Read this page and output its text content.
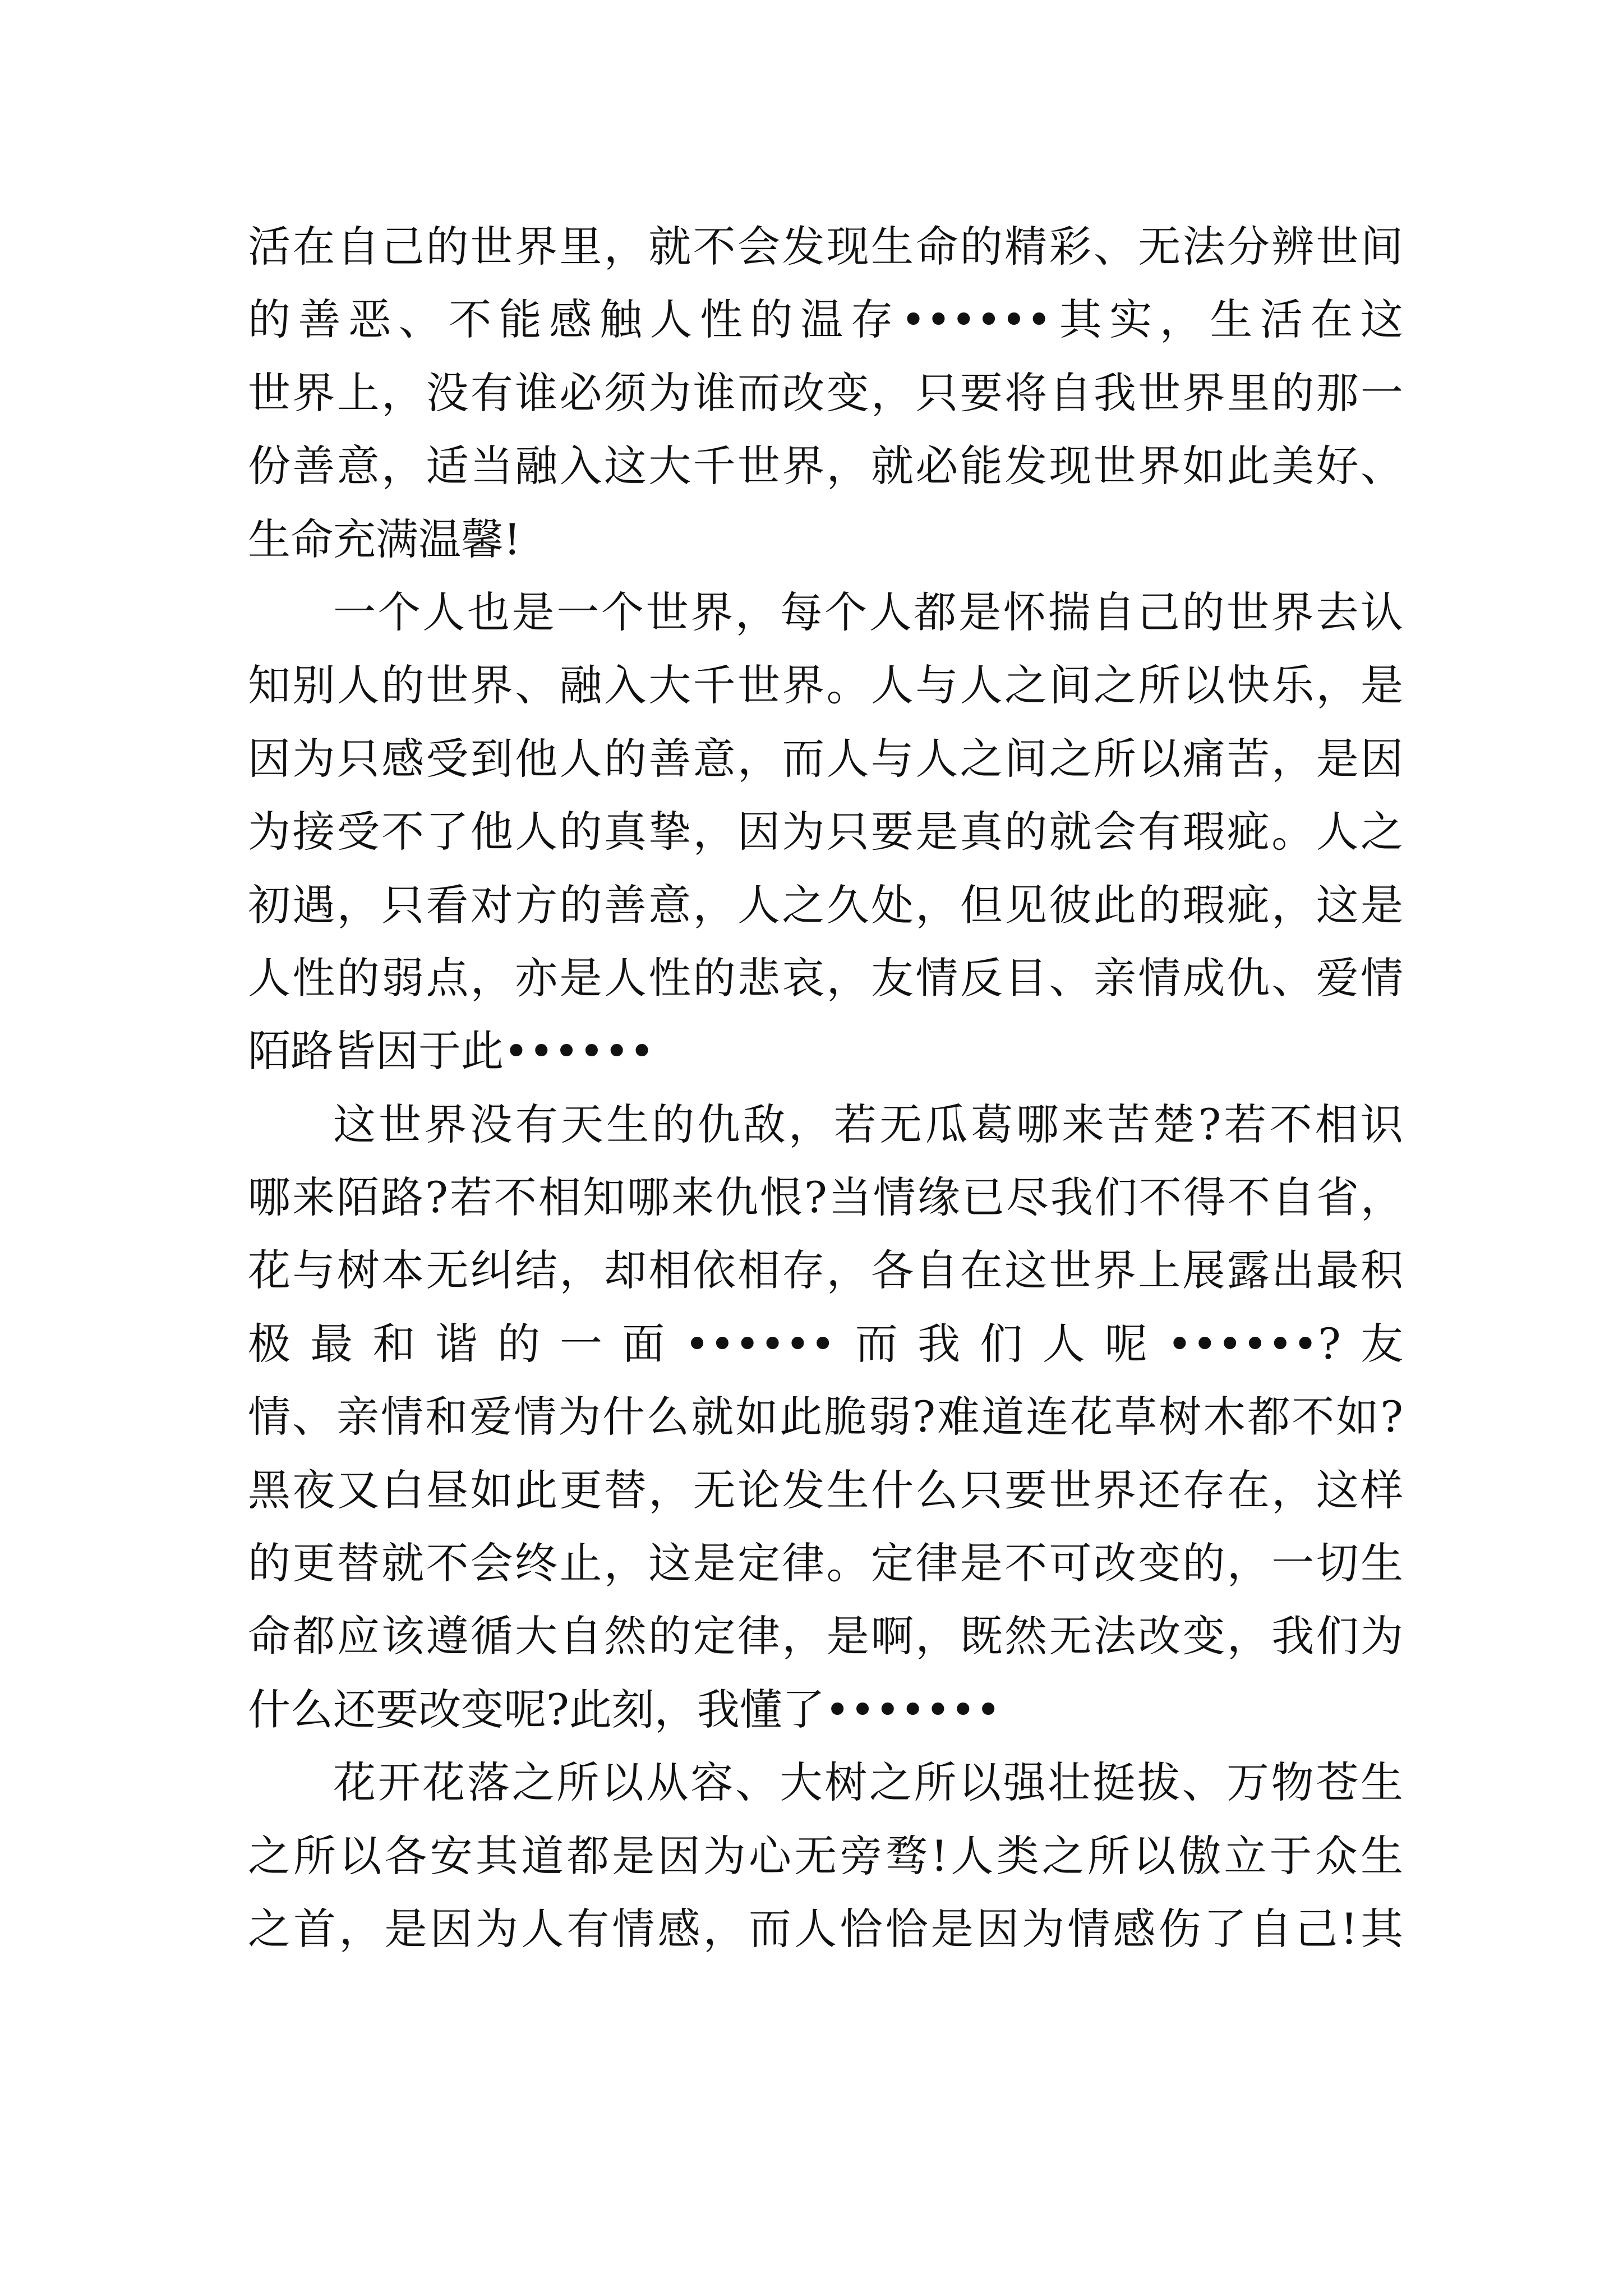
活在自己的世界里，就不会发现生命的精彩、无法分辨世间
的善恶、不能感触人性的温存••••••其实，生活在这
世界上，没有谁必须为谁而改变，只要将自我世界里的那一
份善意，适当融入这大千世界，就必能发现世界如此美好、
生命充满温馨!
一个人也是一个世界，每个人都是怀揣自己的世界去认
知别人的世界、融入大千世界。人与人之间之所以快乐，是
因为只感受到他人的善意，而人与人之间之所以痛苦，是因
为接受不了他人的真挚，因为只要是真的就会有瑕疵。人之
初遇，只看对方的善意，人之久处，但见彼此的瑕疵，这是
人性的弱点，亦是人性的悲哀，友情反目、亲情成仇、爱情
陌路皆因于此••••••
这世界没有天生的仇敌，若无瓜葛哪来苦楚?若不相识
哪来陌路?若不相知哪来仇恨?当情缘已尽我们不得不自省，
花与树本无纠结，却相依相存，各自在这世界上展露出最积
极最和谐的一面••••••而我们人呢••••••?友
情、亲情和爱情为什么就如此脆弱?难道连花草树木都不如?
黑夜又白昼如此更替，无论发生什么只要世界还存在，这样
的更替就不会终止，这是定律。定律是不可改变的，一切生
命都应该遵循大自然的定律，是啊，既然无法改变，我们为
什么还要改变呢?此刻，我懂了•••••••
花开花落之所以从容、大树之所以强壮挺拔、万物苍生
之所以各安其道都是因为心无旁骛!人类之所以傲立于众生
之首，是因为人有情感，而人恰恰是因为情感伤了自己!其
